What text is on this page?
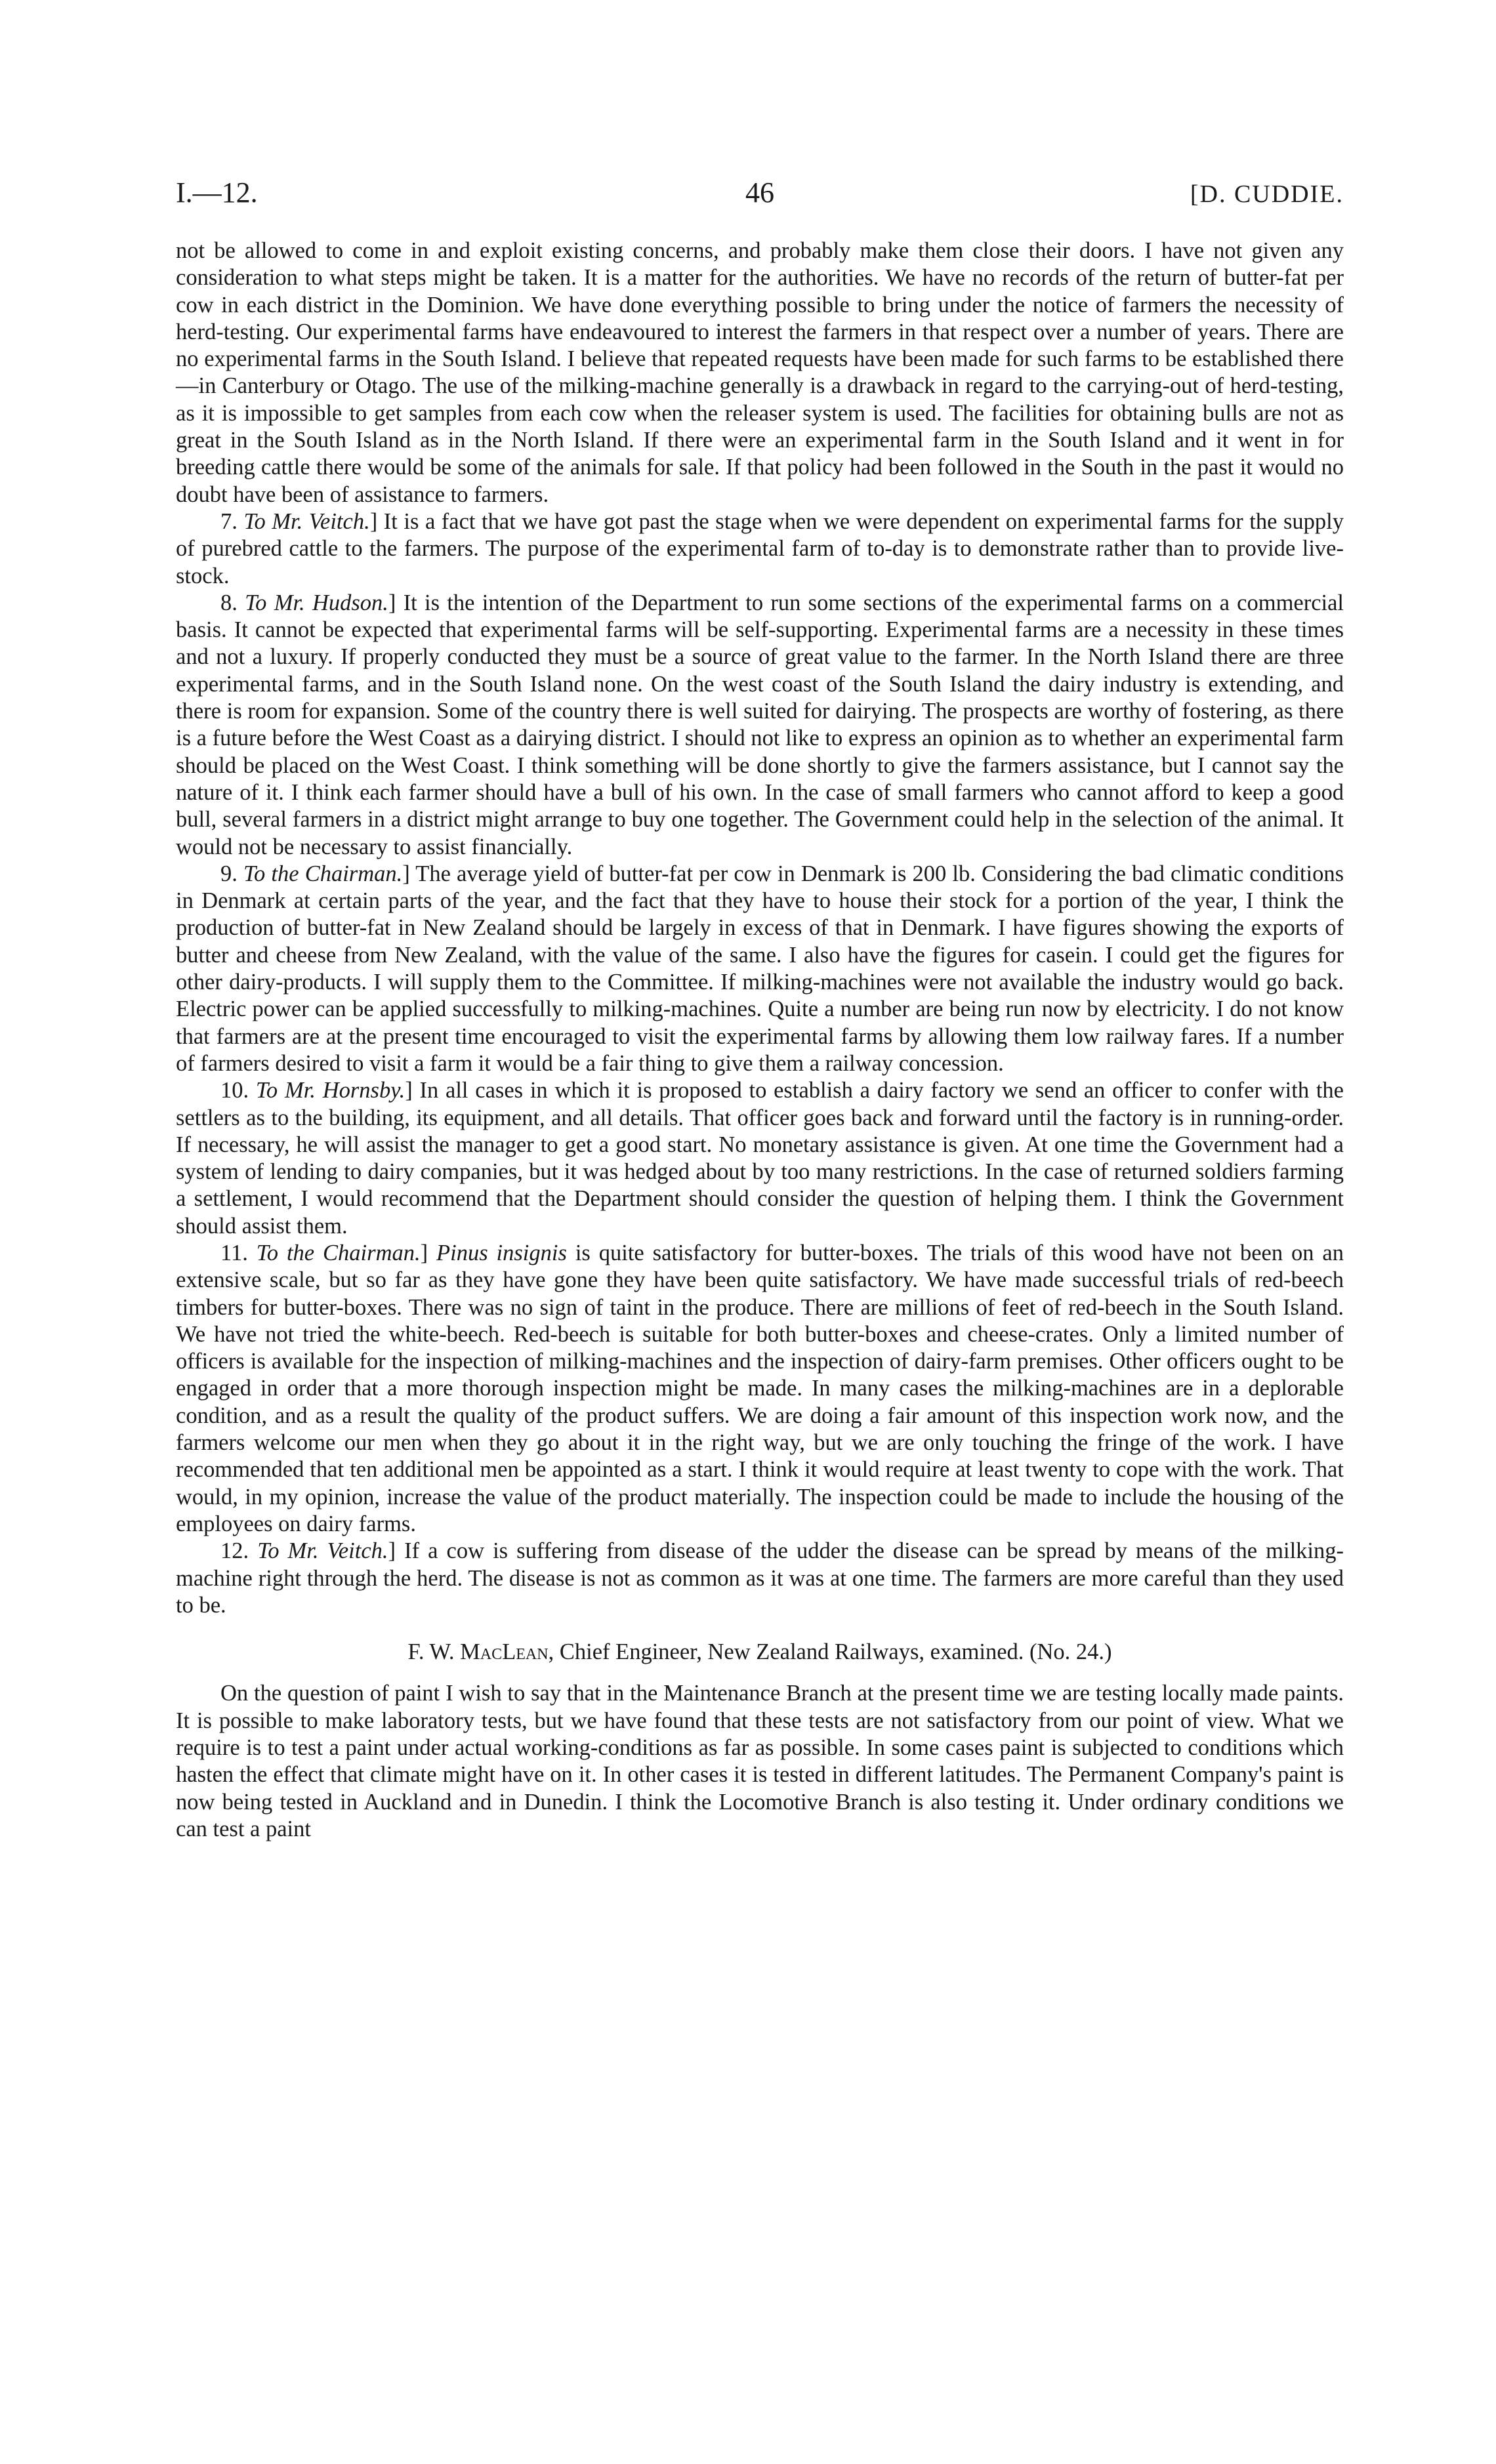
I.—12.	46	[D. CUDDIE.

not be allowed to come in and exploit existing concerns, and probably make them close their doors. I have not given any consideration to what steps might be taken. It is a matter for the authorities. We have no records of the return of butter-fat per cow in each district in the Dominion. We have done everything possible to bring under the notice of farmers the necessity of herd-testing. Our experimental farms have endeavoured to interest the farmers in that respect over a number of years. There are no experimental farms in the South Island. I believe that repeated requests have been made for such farms to be established there—in Canterbury or Otago. The use of the milking-machine generally is a drawback in regard to the carrying-out of herd-testing, as it is impossible to get samples from each cow when the releaser system is used. The facilities for obtaining bulls are not as great in the South Island as in the North Island. If there were an experimental farm in the South Island and it went in for breeding cattle there would be some of the animals for sale. If that policy had been followed in the South in the past it would no doubt have been of assistance to farmers.

7. To Mr. Veitch.] It is a fact that we have got past the stage when we were dependent on experimental farms for the supply of purebred cattle to the farmers. The purpose of the experimental farm of to-day is to demonstrate rather than to provide live-stock.

8. To Mr. Hudson.] It is the intention of the Department to run some sections of the experimental farms on a commercial basis. It cannot be expected that experimental farms will be self-supporting. Experimental farms are a necessity in these times and not a luxury. If properly conducted they must be a source of great value to the farmer. In the North Island there are three experimental farms, and in the South Island none. On the west coast of the South Island the dairy industry is extending, and there is room for expansion. Some of the country there is well suited for dairying. The prospects are worthy of fostering, as there is a future before the West Coast as a dairying district. I should not like to express an opinion as to whether an experimental farm should be placed on the West Coast. I think something will be done shortly to give the farmers assistance, but I cannot say the nature of it. I think each farmer should have a bull of his own. In the case of small farmers who cannot afford to keep a good bull, several farmers in a district might arrange to buy one together. The Government could help in the selection of the animal. It would not be necessary to assist financially.

9. To the Chairman.] The average yield of butter-fat per cow in Denmark is 200 lb. Considering the bad climatic conditions in Denmark at certain parts of the year, and the fact that they have to house their stock for a portion of the year, I think the production of butter-fat in New Zealand should be largely in excess of that in Denmark. I have figures showing the exports of butter and cheese from New Zealand, with the value of the same. I also have the figures for casein. I could get the figures for other dairy-products. I will supply them to the Committee. If milking-machines were not available the industry would go back. Electric power can be applied successfully to milking-machines. Quite a number are being run now by electricity. I do not know that farmers are at the present time encouraged to visit the experimental farms by allowing them low railway fares. If a number of farmers desired to visit a farm it would be a fair thing to give them a railway concession.

10. To Mr. Hornsby.] In all cases in which it is proposed to establish a dairy factory we send an officer to confer with the settlers as to the building, its equipment, and all details. That officer goes back and forward until the factory is in running-order. If necessary, he will assist the manager to get a good start. No monetary assistance is given. At one time the Government had a system of lending to dairy companies, but it was hedged about by too many restrictions. In the case of returned soldiers farming a settlement, I would recommend that the Department should consider the question of helping them. I think the Government should assist them.

11. To the Chairman.] Pinus insignis is quite satisfactory for butter-boxes. The trials of this wood have not been on an extensive scale, but so far as they have gone they have been quite satisfactory. We have made successful trials of red-beech timbers for butter-boxes. There was no sign of taint in the produce. There are millions of feet of red-beech in the South Island. We have not tried the white-beech. Red-beech is suitable for both butter-boxes and cheese-crates. Only a limited number of officers is available for the inspection of milking-machines and the inspection of dairy-farm premises. Other officers ought to be engaged in order that a more thorough inspection might be made. In many cases the milking-machines are in a deplorable condition, and as a result the quality of the product suffers. We are doing a fair amount of this inspection work now, and the farmers welcome our men when they go about it in the right way, but we are only touching the fringe of the work. I have recommended that ten additional men be appointed as a start. I think it would require at least twenty to cope with the work. That would, in my opinion, increase the value of the product materially. The inspection could be made to include the housing of the employees on dairy farms.

12. To Mr. Veitch.] If a cow is suffering from disease of the udder the disease can be spread by means of the milking-machine right through the herd. The disease is not as common as it was at one time. The farmers are more careful than they used to be.

F. W. MacLean, Chief Engineer, New Zealand Railways, examined. (No. 24.)

On the question of paint I wish to say that in the Maintenance Branch at the present time we are testing locally made paints. It is possible to make laboratory tests, but we have found that these tests are not satisfactory from our point of view. What we require is to test a paint under actual working-conditions as far as possible. In some cases paint is subjected to conditions which hasten the effect that climate might have on it. In other cases it is tested in different latitudes. The Permanent Company's paint is now being tested in Auckland and in Dunedin. I think the Locomotive Branch is also testing it. Under ordinary conditions we can test a paint
